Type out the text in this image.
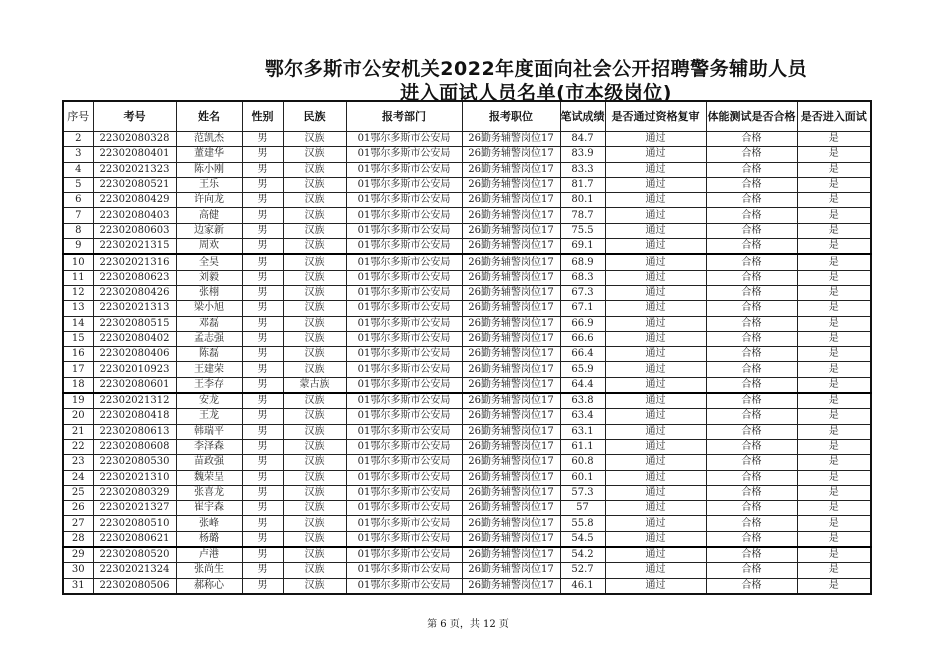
鄂尔多斯市公安机关2022年度面向社会公开招聘警务辅助人员
进入面试人员名单(市本级岗位)
序号	考号	姓名	性别	民族	报考部门	报考职位	笔试成绩	是否通过资格复审	体能测试是否合格	是否进入面试
2	22302080328	范凯杰	男	汉族	01鄂尔多斯市公安局	26勤务辅警岗位17	84.7	通过	合格	是
3	22302080401	董建华	男	汉族	01鄂尔多斯市公安局	26勤务辅警岗位17	83.9	通过	合格	是
4	22302021323	陈小刚	男	汉族	01鄂尔多斯市公安局	26勤务辅警岗位17	83.3	通过	合格	是
5	22302080521	王乐	男	汉族	01鄂尔多斯市公安局	26勤务辅警岗位17	81.7	通过	合格	是
6	22302080429	许向龙	男	汉族	01鄂尔多斯市公安局	26勤务辅警岗位17	80.1	通过	合格	是
7	22302080403	高健	男	汉族	01鄂尔多斯市公安局	26勤务辅警岗位17	78.7	通过	合格	是
8	22302080603	边家新	男	汉族	01鄂尔多斯市公安局	26勤务辅警岗位17	75.5	通过	合格	是
9	22302021315	周欢	男	汉族	01鄂尔多斯市公安局	26勤务辅警岗位17	69.1	通过	合格	是
10	22302021316	全昊	男	汉族	01鄂尔多斯市公安局	26勤务辅警岗位17	68.9	通过	合格	是
11	22302080623	刘毅	男	汉族	01鄂尔多斯市公安局	26勤务辅警岗位17	68.3	通过	合格	是
12	22302080426	张栩	男	汉族	01鄂尔多斯市公安局	26勤务辅警岗位17	67.3	通过	合格	是
13	22302021313	梁小旭	男	汉族	01鄂尔多斯市公安局	26勤务辅警岗位17	67.1	通过	合格	是
14	22302080515	邓磊	男	汉族	01鄂尔多斯市公安局	26勤务辅警岗位17	66.9	通过	合格	是
15	22302080402	孟志强	男	汉族	01鄂尔多斯市公安局	26勤务辅警岗位17	66.6	通过	合格	是
16	22302080406	陈磊	男	汉族	01鄂尔多斯市公安局	26勤务辅警岗位17	66.4	通过	合格	是
17	22302010923	王建荣	男	汉族	01鄂尔多斯市公安局	26勤务辅警岗位17	65.9	通过	合格	是
18	22302080601	王李存	男	蒙古族	01鄂尔多斯市公安局	26勤务辅警岗位17	64.4	通过	合格	是
19	22302021312	安龙	男	汉族	01鄂尔多斯市公安局	26勤务辅警岗位17	63.8	通过	合格	是
20	22302080418	王龙	男	汉族	01鄂尔多斯市公安局	26勤务辅警岗位17	63.4	通过	合格	是
21	22302080613	韩瑞平	男	汉族	01鄂尔多斯市公安局	26勤务辅警岗位17	63.1	通过	合格	是
22	22302080608	李泽森	男	汉族	01鄂尔多斯市公安局	26勤务辅警岗位17	61.1	通过	合格	是
23	22302080530	苗政强	男	汉族	01鄂尔多斯市公安局	26勤务辅警岗位17	60.8	通过	合格	是
24	22302021310	魏荣呈	男	汉族	01鄂尔多斯市公安局	26勤务辅警岗位17	60.1	通过	合格	是
25	22302080329	张喜龙	男	汉族	01鄂尔多斯市公安局	26勤务辅警岗位17	57.3	通过	合格	是
26	22302021327	崔宇森	男	汉族	01鄂尔多斯市公安局	26勤务辅警岗位17	57	通过	合格	是
27	22302080510	张峰	男	汉族	01鄂尔多斯市公安局	26勤务辅警岗位17	55.8	通过	合格	是
28	22302080621	杨璐	男	汉族	01鄂尔多斯市公安局	26勤务辅警岗位17	54.5	通过	合格	是
29	22302080520	卢港	男	汉族	01鄂尔多斯市公安局	26勤务辅警岗位17	54.2	通过	合格	是
30	22302021324	张尚生	男	汉族	01鄂尔多斯市公安局	26勤务辅警岗位17	52.7	通过	合格	是
31	22302080506	郝称心	男	汉族	01鄂尔多斯市公安局	26勤务辅警岗位17	46.1	通过	合格	是
第 6 页，共 12 页
